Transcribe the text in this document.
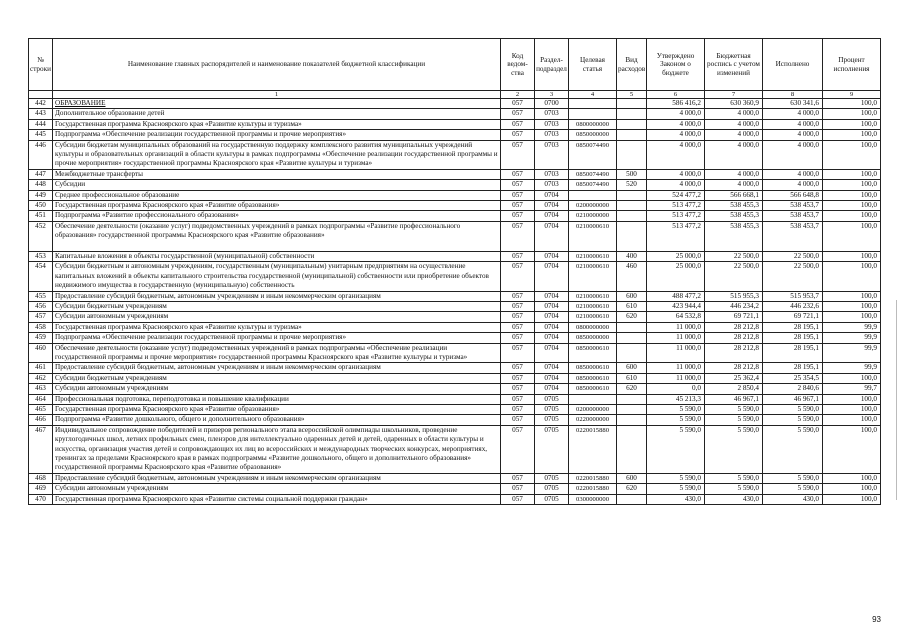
№ строки	Наименование главных распорядителей и наименование показателей бюджетной классификации	Код ведом-ства	Раздел-подраздел	Целевая статья	Вид расходов	Утверждено Законом о бюджете	Бюджетная роспись с учетом изменений	Исполнено	Процент исполнения
	1	2	3	4	5	6	7	8	9
442	ОБРАЗОВАНИЕ	057	0700			586 416,2	630 360,9	630 341,6	100,0
443	Дополнительное образование детей	057	0703			4 000,0	4 000,0	4 000,0	100,0
444	Государственная программа Красноярского края «Развитие культуры и туризма»	057	0703	0800000000		4 000,0	4 000,0	4 000,0	100,0
445	Подпрограмма «Обеспечение реализации государственной программы и прочие мероприятия»	057	0703	0850000000		4 000,0	4 000,0	4 000,0	100,0
446	Субсидии бюджетам муниципальных образований на государственную поддержку комплексного развития муниципальных учреждений культуры и образовательных организаций в области культуры в рамках подпрограммы «Обеспечение реализации государственной программы и прочие мероприятия» государственной программы Красноярского края «Развитие культуры и туризма»	057	0703	0850074490		4 000,0	4 000,0	4 000,0	100,0
447	Межбюджетные трансферты	057	0703	0850074490	500	4 000,0	4 000,0	4 000,0	100,0
448	Субсидии	057	0703	0850074490	520	4 000,0	4 000,0	4 000,0	100,0
449	Среднее профессиональное образование	057	0704			524 477,2	566 668,1	566 648,8	100,0
450	Государственная программа Красноярского края «Развитие образования»	057	0704	0200000000		513 477,2	538 455,3	538 453,7	100,0
451	Подпрограмма «Развитие профессионального образования»	057	0704	0210000000		513 477,2	538 455,3	538 453,7	100,0
452	Обеспечение деятельности (оказание услуг) подведомственных учреждений в рамках подпрограммы «Развитие профессионального образования» государственной программы Красноярского края «Развитие образования»	057	0704	0210000610		513 477,2	538 455,3	538 453,7	100,0
453	Капитальные вложения в объекты государственной (муниципальной) собственности	057	0704	0210000610	400	25 000,0	22 500,0	22 500,0	100,0
454	Субсидии бюджетным и автономным учреждениям, государственным (муниципальным) унитарным предприятиям на осуществление капитальных вложений в объекты капитального строительства государственной (муниципальной) собственности или приобретение объектов недвижимого имущества в государственную (муниципальную) собственность	057	0704	0210000610	460	25 000,0	22 500,0	22 500,0	100,0
455	Предоставление субсидий бюджетным, автономным учреждениям и иным некоммерческим организациям	057	0704	0210000610	600	488 477,2	515 955,3	515 953,7	100,0
456	Субсидии бюджетным учреждениям	057	0704	0210000610	610	423 944,4	446 234,2	446 232,6	100,0
457	Субсидии автономным учреждениям	057	0704	0210000610	620	64 532,8	69 721,1	69 721,1	100,0
458	Государственная программа Красноярского края «Развитие культуры и туризма»	057	0704	0800000000		11 000,0	28 212,8	28 195,1	99,9
459	Подпрограмма «Обеспечение реализации государственной программы и прочие мероприятия»	057	0704	0850000000		11 000,0	28 212,8	28 195,1	99,9
460	Обеспечение деятельности (оказание услуг) подведомственных учреждений в рамках подпрограммы «Обеспечение реализации государственной программы и прочие мероприятия» государственной программы Красноярского края «Развитие культуры и туризма»	057	0704	0850000610		11 000,0	28 212,8	28 195,1	99,9
461	Предоставление субсидий бюджетным, автономным учреждениям и иным некоммерческим организациям	057	0704	0850000610	600	11 000,0	28 212,8	28 195,1	99,9
462	Субсидии бюджетным учреждениям	057	0704	0850000610	610	11 000,0	25 362,4	25 354,5	100,0
463	Субсидии автономным учреждениям	057	0704	0850000610	620	0,0	2 850,4	2 840,6	99,7
464	Профессиональная подготовка, переподготовка и повышение квалификации	057	0705			45 213,3	46 967,1	46 967,1	100,0
465	Государственная программа Красноярского края «Развитие образования»	057	0705	0200000000		5 590,0	5 590,0	5 590,0	100,0
466	Подпрограмма «Развитие дошкольного, общего и дополнительного образования»	057	0705	0220000000		5 590,0	5 590,0	5 590,0	100,0
467	Индивидуальное сопровождение победителей и призеров регионального этапа всероссийской олимпиады школьников, проведение круглогодичных школ, летних профильных смен, пленэров для интеллектуально одаренных детей и детей, одаренных в области культуры и искусства, организация участия детей и сопровождающих их лиц во всероссийских и международных творческих конкурсах, мероприятиях, тренингах за пределами Красноярского края в рамках подпрограммы «Развитие дошкольного, общего и дополнительного образования» государственной программы Красноярского края «Развитие образования»	057	0705	0220015880		5 590,0	5 590,0	5 590,0	100,0
468	Предоставление субсидий бюджетным, автономным учреждениям и иным некоммерческим организациям	057	0705	0220015880	600	5 590,0	5 590,0	5 590,0	100,0
469	Субсидии автономным учреждениям	057	0705	0220015880	620	5 590,0	5 590,0	5 590,0	100,0
470	Государственная программа Красноярского края «Развитие системы социальной поддержки граждан»	057	0705	0300000000		430,0	430,0	430,0	100,0
93
